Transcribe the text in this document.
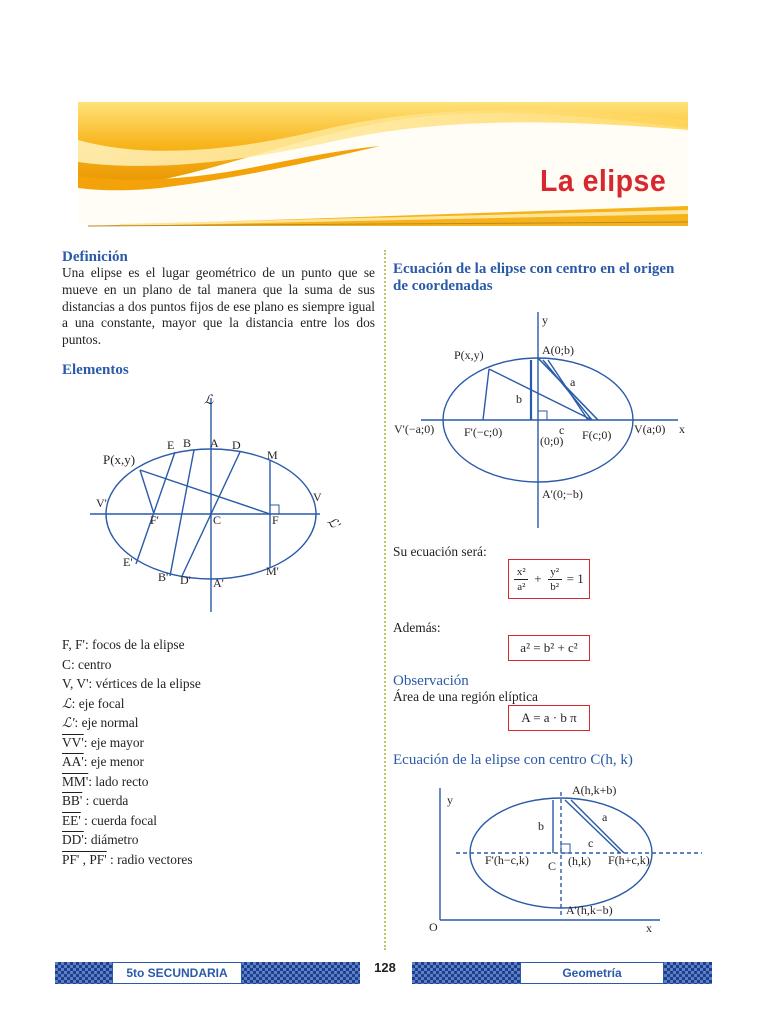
La elipse
Definición
Una elipse es el lugar geométrico de un punto que se mueve en un plano de tal manera que la suma de sus distancias a dos puntos fijos de ese plano es siempre igual a una constante, mayor que la distancia entre los dos puntos.
Elementos
ℒ
ℒ'
P(x,y)
E B A D
M
V'	V
F'	C	F
E'
B' D' A'
M'
F, F': focos de la elipse
C: centro
V, V': vértices de la elipse
ℒ: eje focal
ℒ': eje normal
VV': eje mayor
AA': eje menor
MM': lado recto
BB' : cuerda
EE' : cuerda focal
DD': diámetro
PF' , PF' : radio vectores
Ecuación de la elipse con centro en el origen de coordenadas
y
x
P(x,y)	A(0;b)
a
b
c
V'(−a;0) F'(−c;0)
(0;0) F(c;0) V(a;0)
A'(0;−b)
Su ecuación será:
x²
a²
+ y²
b²
= 1
Además:
a² = b² + c²
Observación
Área de una región elíptica
A = a · b π
Ecuación de la elipse con centro C(h, k)
y
x
O
A(h,k+b)
a
b
c
F'(h−c,k) C (h,k) F(h+c,k)
A'(h,k−b)
5to SECUNDARIA	128	Geometría
